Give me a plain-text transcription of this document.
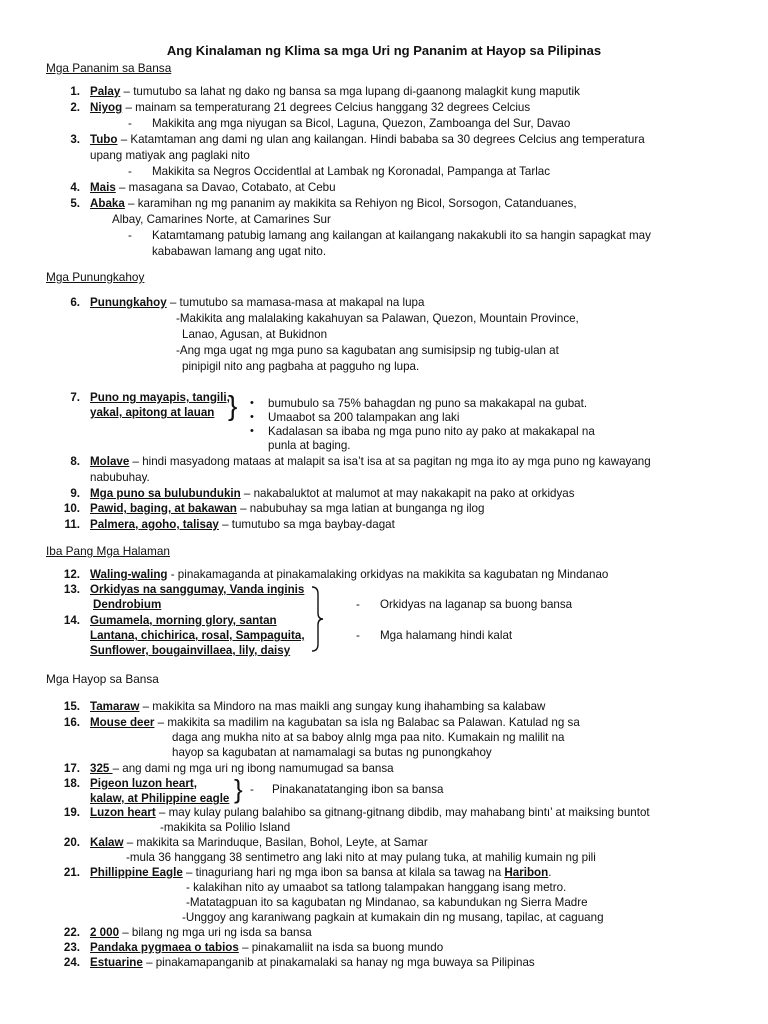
Ang Kinalaman ng Klima sa mga Uri ng Pananim at Hayop sa Pilipinas
Mga Pananim sa Bansa
1. Palay – tumutubo sa lahat ng dako ng bansa sa mga lupang di-gaanong malagkit kung maputik
2. Niyog – mainam sa temperaturang 21 degrees Celcius hanggang 32 degrees Celcius
- Makikita ang mga niyugan sa Bicol, Laguna, Quezon, Zamboanga del Sur, Davao
3. Tubo – Katamtaman ang dami ng ulan ang kailangan. Hindi bababa sa 30 degrees Celcius ang temperatura
upang matiyak ang paglaki nito
- Makikita sa Negros Occidentlal at Lambak ng Koronadal, Pampanga at Tarlac
4. Mais – masagana sa Davao, Cotabato, at Cebu
5. Abaka – karamihan ng mg pananim ay makikita sa Rehiyon ng Bicol, Sorsogon, Catanduanes,
Albay, Camarines Norte, at Camarines Sur
- Katamtamang patubig lamang ang kailangan at kailangang nakakubli ito sa hangin sapagkat may
kababawan lamang ang ugat nito.
Mga Punungkahoy
6. Punungkahoy – tumutubo sa mamasa-masa at makapal na lupa
-Makikita ang malalaking kakahuyan sa Palawan, Quezon, Mountain Province,
Lanao, Agusan, at Bukidnon
-Ang mga ugat ng mga puno sa kagubatan ang sumisipsip ng tubig-ulan at
pinipigil nito ang pagbaha at pagguho ng lupa.
7. Puno ng mayapis, tangili,
yakal, apitong at lauan } • bumubulo sa 75% bahagdan ng puno sa makakapal na gubat.
• Umaabot sa 200 talampakan ang laki
• Kadalasan sa ibaba ng mga puno nito ay pako at makakapal na
punla at baging.
8. Molave – hindi masyadong mataas at malapit sa isa’t isa at sa pagitan ng mga ito ay mga puno ng kawayang
nabubuhay.
9. Mga puno sa bulubundukin – nakabaluktot at malumot at may nakakapit na pako at orkidyas
10. Pawid, baging, at bakawan – nabubuhay sa mga latian at bunganga ng ilog
11. Palmera, agoho, talisay – tumutubo sa mga baybay-dagat
Iba Pang Mga Halaman
12. Waling-waling - pinakamaganda at pinakamalaking orkidyas na makikita sa kagubatan ng Mindanao
13. Orkidyas na sanggumay, Vanda inginis
Dendrobium	- Orkidyas na laganap sa buong bansa
14. Gumamela, morning glory, santan
Lantana, chichirica, rosal, Sampaguita,
Sunflower, bougainvillaea, lily, daisy
- Mga halamang hindi kalat
Mga Hayop sa Bansa
15. Tamaraw – makikita sa Mindoro na mas maikli ang sungay kung ihahambing sa kalabaw
16. Mouse deer – makikita sa madilim na kagubatan sa isla ng Balabac sa Palawan. Katulad ng sa
daga ang mukha nito at sa baboy alnlg mga paa nito. Kumakain ng malilit na
hayop sa kagubatan at namamalagi sa butas ng punongkahoy
17. 325 – ang dami ng mga uri ng ibong namumugad sa bansa
18. Pigeon luzon heart,
kalaw, at Philippine eagle } - Pinakanatatanging ibon sa bansa
19. Luzon heart – may kulay pulang balahibo sa gitnang-gitnang dibdib, may mahabang bintı’ at maiksing buntot
-makikita sa Polilio Island
20. Kalaw – makikita sa Marinduque, Basilan, Bohol, Leyte, at Samar
-mula 36 hanggang 38 sentimetro ang laki nito at may pulang tuka, at mahilig kumain ng pili
21. Phillippine Eagle – tinaguriang hari ng mga ibon sa bansa at kilala sa tawag na Haribon.
- kalakihan nito ay umaabot sa tatlong talampakan hanggang isang metro.
-Matatagpuan ito sa kagubatan ng Mindanao, sa kabundukan ng Sierra Madre
-Unggoy ang karaniwang pagkain at kumakain din ng musang, tapilac, at caguang
22. 2 000 – bilang ng mga uri ng isda sa bansa
23. Pandaka pygmaea o tabios – pinakamaliit na isda sa buong mundo
24. Estuarine – pinakamapanganib at pinakamalaki sa hanay ng mga buwaya sa Pilipinas
